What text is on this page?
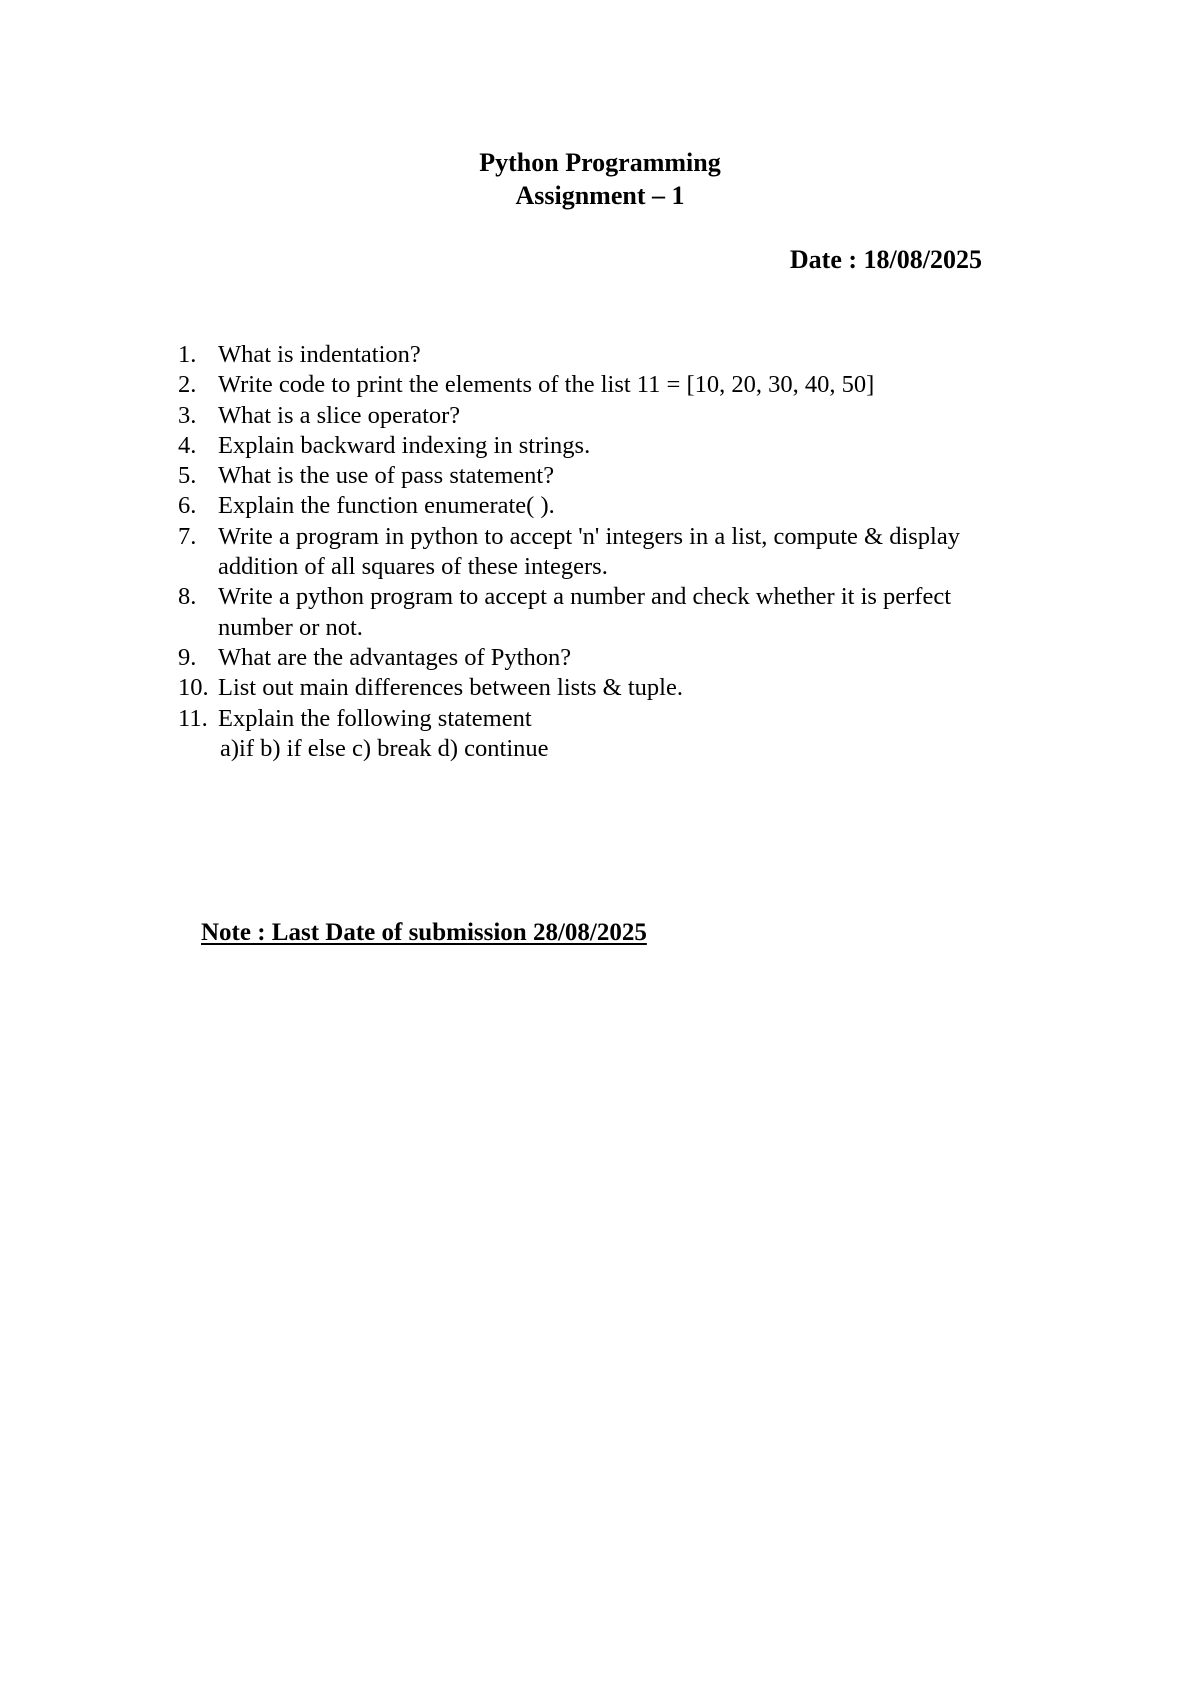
Python Programming
Assignment – 1
Date : 18/08/2025
1. What is indentation?
2. Write code to print the elements of the list 11 = [10, 20, 30, 40, 50]
3. What is a slice operator?
4. Explain backward indexing in strings.
5. What is the use of pass statement?
6. Explain the function enumerate( ).
7. Write a program in python to accept 'n' integers in a list, compute & display addition of all squares of these integers.
8. Write a python program to accept a number and check whether it is perfect number or not.
9. What are the advantages of Python?
10. List out main differences between lists & tuple.
11. Explain the following statement
a)if b) if else c) break d) continue
Note : Last Date of submission 28/08/2025
